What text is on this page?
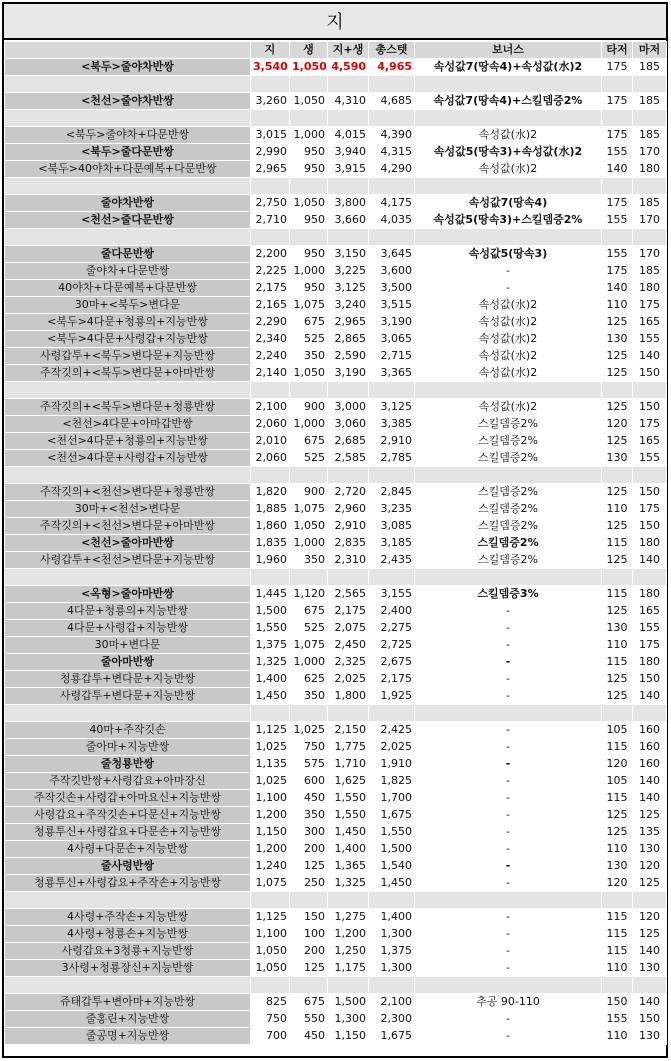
지
	지	생	지+생	총스텟	보너스	타저	마저
<북두>줄야차반쌍	3,540	1,050	4,590	4,965	속성값7(땅속4)+속성값(水)2	175	185

<천선>줄야차반쌍	3,260	1,050	4,310	4,685	속성값7(땅속4)+스킬뎀증2%	175	185

<북두>줄야차+다문반쌍	3,015	1,000	4,015	4,390	속성값(水)2	175	185
<북두>줄다문반쌍	2,990	950	3,940	4,315	속성값5(땅속3)+속성값(水)2	155	170
<북두>40야차+다문예복+다문반쌍	2,965	950	3,915	4,290	속성값(水)2	140	180

줄야차반쌍	2,750	1,050	3,800	4,175	속성값7(땅속4)	175	185
<천선>줄다문반쌍	2,710	950	3,660	4,035	속성값5(땅속3)+스킬뎀증2%	155	170

줄다문반쌍	2,200	950	3,150	3,645	속성값5(땅속3)	155	170
줄야차+다문반쌍	2,225	1,000	3,225	3,600	-	175	185
40야차+다문예복+다문반쌍	2,175	950	3,125	3,500	-	140	180
30마+<북두>변다문	2,165	1,075	3,240	3,515	속성값(水)2	110	175
<북두>4다문+청룡의+지능반쌍	2,290	675	2,965	3,190	속성값(水)2	125	165
<북두>4다문+사령갑+지능반쌍	2,340	525	2,865	3,065	속성값(水)2	130	155
사령갑투+<북두>변다문+지능반쌍	2,240	350	2,590	2,715	속성값(水)2	125	140
주작깃의+<북두>변다문+아마반쌍	2,140	1,050	3,190	3,365	속성값(水)2	125	150

주작깃의+<북두>변다문+청룡반쌍	2,100	900	3,000	3,125	속성값(水)2	125	150
<천선>4다문+아마갑반쌍	2,060	1,000	3,060	3,385	스킬뎀증2%	120	175
<천선>4다문+청룡의+지능반쌍	2,010	675	2,685	2,910	스킬뎀증2%	125	165
<천선>4다문+사령갑+지능반쌍	2,060	525	2,585	2,785	스킬뎀증2%	130	155

주작깃의+<천선>변다문+청룡반쌍	1,820	900	2,720	2,845	스킬뎀증2%	125	150
30마+<천선>변다문	1,885	1,075	2,960	3,235	스킬뎀증2%	110	175
주작깃의+<천선>변다문+아마반쌍	1,860	1,050	2,910	3,085	스킬뎀증2%	125	150
<천선>줄아마반쌍	1,835	1,000	2,835	3,185	스킬뎀증2%	115	180
사령갑투+<천선>변다문+지능반쌍	1,960	350	2,310	2,435	스킬뎀증2%	125	140

<옥형>줄아마반쌍	1,445	1,120	2,565	3,155	스킬뎀증3%	115	180
4다문+청룡의+지능반쌍	1,500	675	2,175	2,400	-	125	165
4다문+사령갑+지능반쌍	1,550	525	2,075	2,275	-	130	155
30마+변다문	1,375	1,075	2,450	2,725	-	110	175
줄아마반쌍	1,325	1,000	2,325	2,675	-	115	180
청룡갑투+변다문+지능반쌍	1,400	625	2,025	2,175	-	125	150
사령갑투+변다문+지능반쌍	1,450	350	1,800	1,925	-	125	140

40마+주작깃손	1,125	1,025	2,150	2,425	-	105	160
줄아마+지능반쌍	1,025	750	1,775	2,025	-	115	160
줄청룡반쌍	1,135	575	1,710	1,910	-	120	160
주작깃반쌍+사령갑요+아마장신	1,025	600	1,625	1,825	-	105	140
주작깃손+사령갑+아마요신+지능반쌍	1,100	450	1,550	1,700	-	115	140
사령갑요+주작깃손+다문신+지능반쌍	1,200	350	1,550	1,675	-	125	125
청룡투신+사령갑요+다문손+지능반쌍	1,150	300	1,450	1,550	-	125	135
4사령+다문손+지능반쌍	1,200	200	1,400	1,500	-	110	130
줄사령반쌍	1,240	125	1,365	1,540	-	130	120
청룡투신+사령갑요+주작손+지능반쌍	1,075	250	1,325	1,450	-	120	125

4사령+주작손+지능반쌍	1,125	150	1,275	1,400	-	115	120
4사령+청룡손+지능반쌍	1,100	100	1,200	1,300	-	115	125
사령갑요+3청룡+지능반쌍	1,050	200	1,250	1,375	-	115	140
3사령+청룡장신+지능반쌍	1,050	125	1,175	1,300	-	110	130

쥬태갑투+변아마+지능반쌍	825	675	1,500	2,100	추공 90-110	150	140
줄홍린+지능반쌍	750	550	1,300	2,300	-	155	150
줄공명+지능반쌍	700	450	1,150	1,675	-	110	130
